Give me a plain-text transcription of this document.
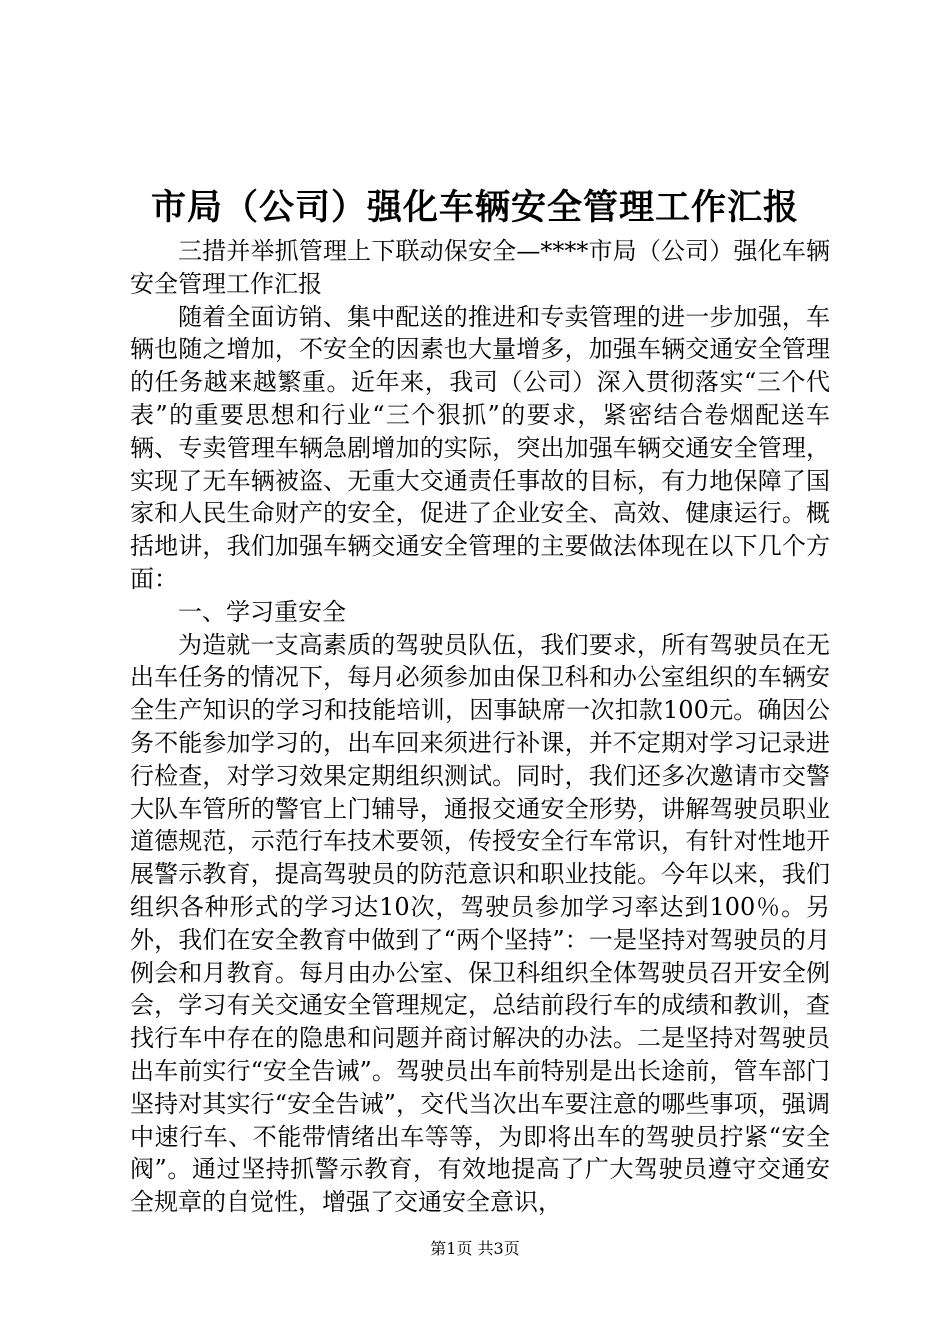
市局（公司）强化车辆安全管理工作汇报

三措并举抓管理上下联动保安全—****市局（公司）强化车辆安全管理工作汇报

随着全面访销、集中配送的推进和专卖管理的进一步加强，车辆也随之增加，不安全的因素也大量增多，加强车辆交通安全管理的任务越来越繁重。近年来，我司（公司）深入贯彻落实“三个代表”的重要思想和行业“三个狠抓”的要求，紧密结合卷烟配送车辆、专卖管理车辆急剧增加的实际，突出加强车辆交通安全管理，实现了无车辆被盗、无重大交通责任事故的目标，有力地保障了国家和人民生命财产的安全，促进了企业安全、高效、健康运行。概括地讲，我们加强车辆交通安全管理的主要做法体现在以下几个方面：

一、学习重安全

为造就一支高素质的驾驶员队伍，我们要求，所有驾驶员在无出车任务的情况下，每月必须参加由保卫科和办公室组织的车辆安全生产知识的学习和技能培训，因事缺席一次扣款100元。确因公务不能参加学习的，出车回来须进行补课，并不定期对学习记录进行检查，对学习效果定期组织测试。同时，我们还多次邀请市交警大队车管所的警官上门辅导，通报交通安全形势，讲解驾驶员职业道德规范，示范行车技术要领，传授安全行车常识，有针对性地开展警示教育，提高驾驶员的防范意识和职业技能。今年以来，我们组织各种形式的学习达10次，驾驶员参加学习率达到100％。另外，我们在安全教育中做到了“两个坚持”：一是坚持对驾驶员的月例会和月教育。每月由办公室、保卫科组织全体驾驶员召开安全例会，学习有关交通安全管理规定，总结前段行车的成绩和教训，查找行车中存在的隐患和问题并商讨解决的办法。二是坚持对驾驶员出车前实行“安全告诫”。驾驶员出车前特别是出长途前，管车部门坚持对其实行“安全告诫”，交代当次出车要注意的哪些事项，强调中速行车、不能带情绪出车等等，为即将出车的驾驶员拧紧“安全阀”。通过坚持抓警示教育，有效地提高了广大驾驶员遵守交通安全规章的自觉性，增强了交通安全意识，

第1页 共3页
